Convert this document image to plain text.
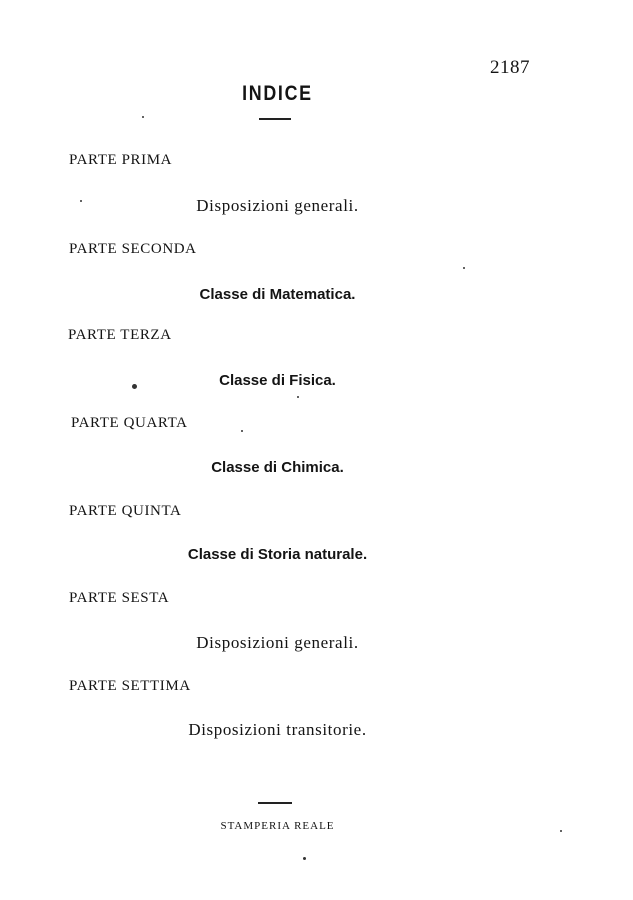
2187
INDICE
PARTE PRIMA
Disposizioni generali.
PARTE SECONDA
Classe di Matematica.
PARTE TERZA
Classe di Fisica.
PARTE QUARTA
Classe di Chimica.
PARTE QUINTA
Classe di Storia naturale.
PARTE SESTA
Disposizioni generali.
PARTE SETTIMA
Disposizioni transitorie.
STAMPERIA REALE
